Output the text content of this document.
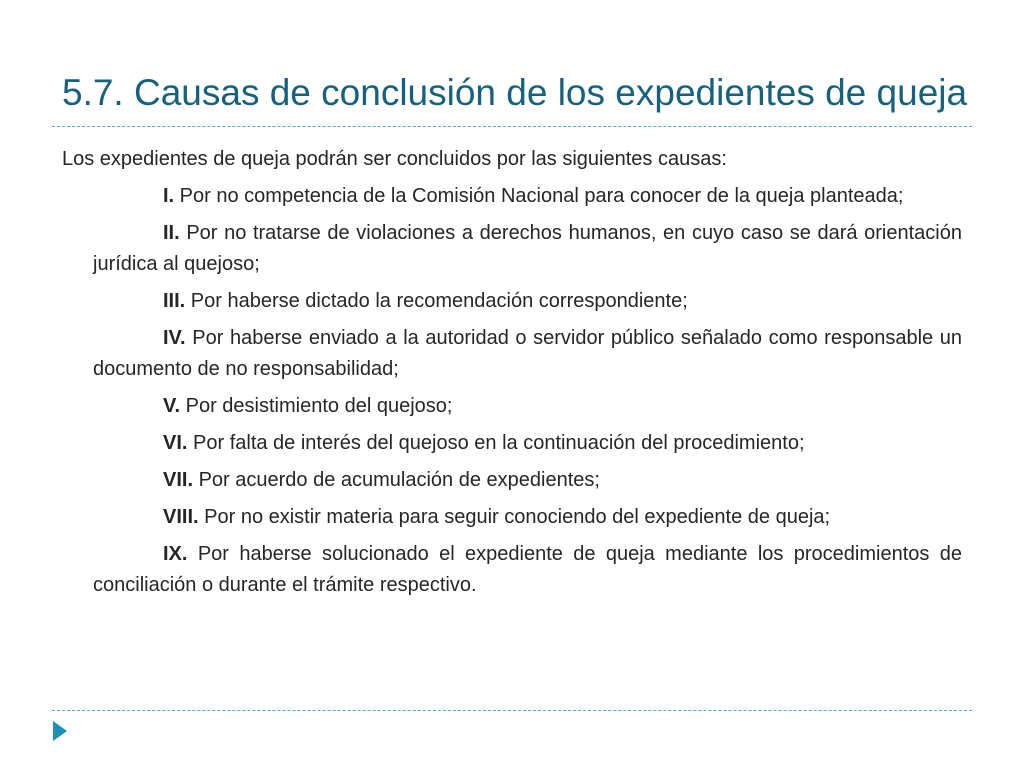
5.7. Causas de conclusión de los expedientes de queja

Los expedientes de queja podrán ser concluidos por las siguientes causas:

I. Por no competencia de la Comisión Nacional para conocer de la queja planteada;

II. Por no tratarse de violaciones a derechos humanos, en cuyo caso se dará orientación jurídica al quejoso;

III. Por haberse dictado la recomendación correspondiente;

IV. Por haberse enviado a la autoridad o servidor público señalado como responsable un documento de no responsabilidad;

V. Por desistimiento del quejoso;

VI. Por falta de interés del quejoso en la continuación del procedimiento;

VII. Por acuerdo de acumulación de expedientes;

VIII. Por no existir materia para seguir conociendo del expediente de queja;

IX. Por haberse solucionado el expediente de queja mediante los procedimientos de conciliación o durante el trámite respectivo.
